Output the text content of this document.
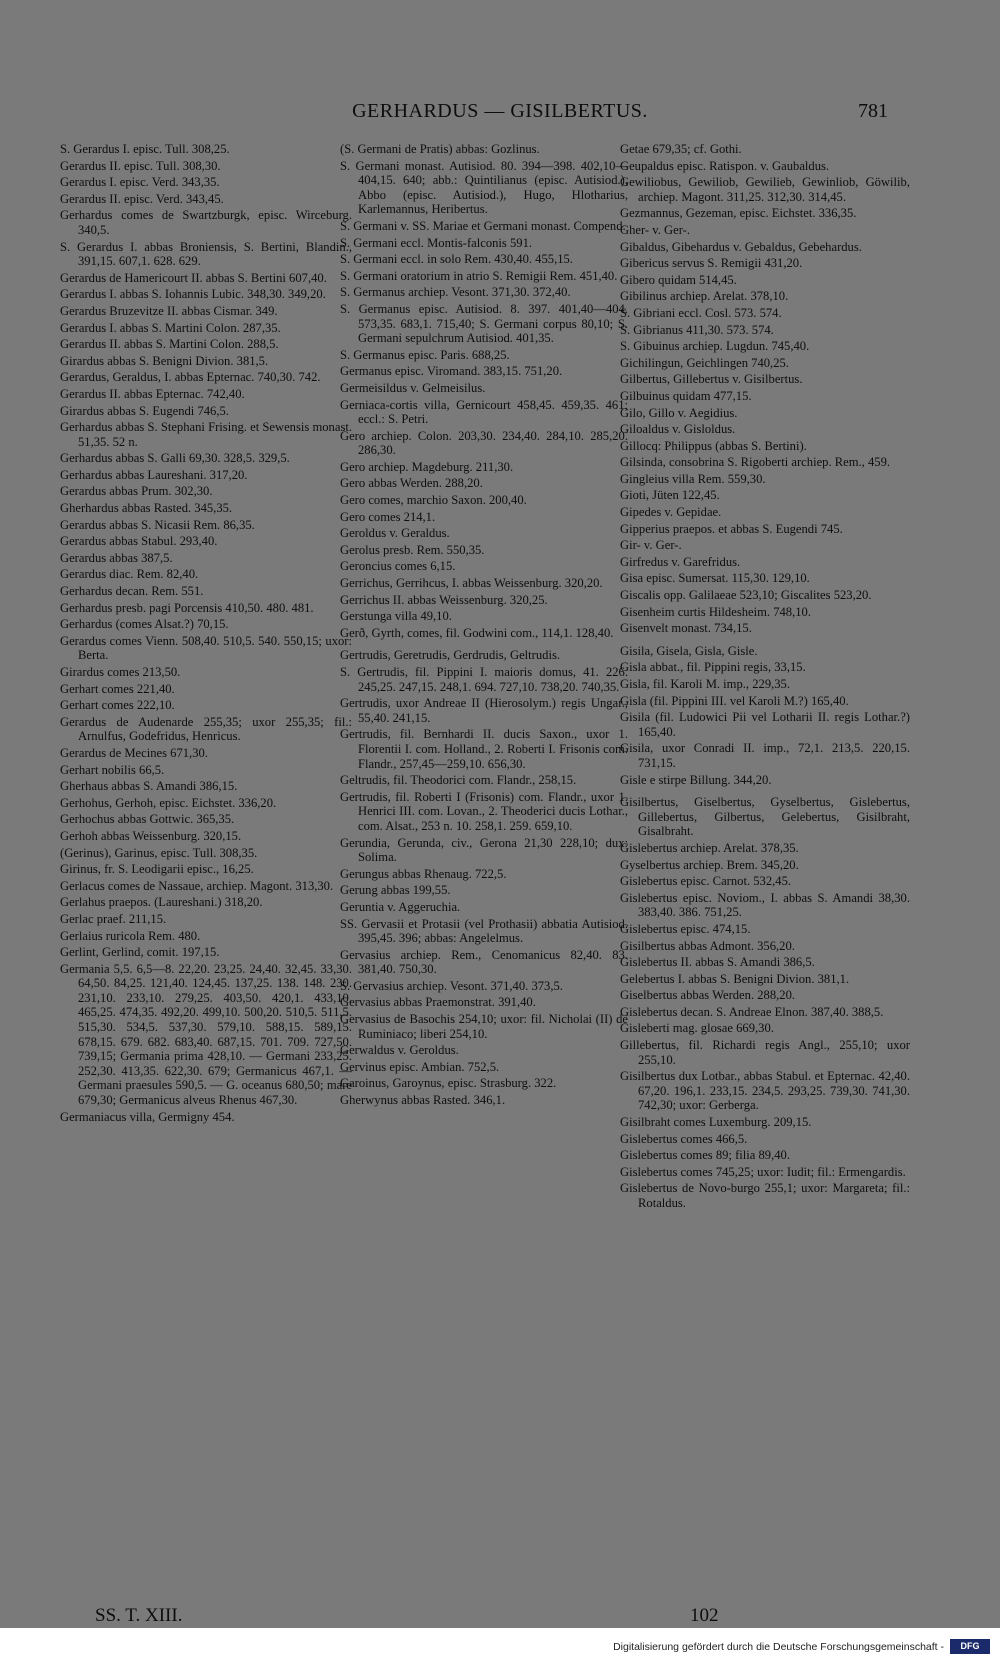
GERHARDUS — GISILBERTUS.	781
S. Gerardus I. episc. Tull. 308,25.
Gerardus II. episc. Tull. 308,30.
Gerardus I. episc. Verd. 343,35.
Gerardus II. episc. Verd. 343,45.
Gerhardus comes de Swartzburgk, episc. Wirceburg. 340,5.
S. Gerardus I. abbas Broniensis, S. Bertini, Blandin., 391,15. 607,1. 628. 629.
Gerardus de Hamericourt II. abbas S. Bertini 607,40.
Gerardus I. abbas S. Iohannis Lubic. 348,30. 349,20.
Gerardus Bruzevitze II. abbas Cismar. 349.
Gerardus I. abbas S. Martini Colon. 287,35.
Gerardus II. abbas S. Martini Colon. 288,5.
Girardus abbas S. Benigni Divion. 381,5.
Gerardus, Geraldus, I. abbas Epternac. 740,30. 742.
Gerardus II. abbas Epternac. 742,40.
Girardus abbas S. Eugendi 746,5.
Gerhardus abbas S. Stephani Frising. et Sewensis monast. 51,35. 52 n.
Gerhardus abbas S. Galli 69,30. 328,5. 329,5.
Gerhardus abbas Laureshani. 317,20.
Gerardus abbas Prum. 302,30.
Gherhardus abbas Rasted. 345,35.
Gerardus abbas S. Nicasii Rem. 86,35.
Gerardus abbas Stabul. 293,40.
Gerardus abbas 387,5.
Gerardus diac. Rem. 82,40.
Gerhardus decan. Rem. 551.
Gerhardus presb. pagi Porcensis 410,50. 480. 481.
Gerhardus (comes Alsat.?) 70,15.
Gerardus comes Vienn. 508,40. 510,5. 540. 550,15; uxor: Berta.
Girardus comes 213,50.
Gerhart comes 221,40.
Gerhart comes 222,10.
Gerardus de Audenarde 255,35; uxor 255,35; fil.: Arnulfus, Godefridus, Henricus.
Gerardus de Mecines 671,30.
Gerhart nobilis 66,5.
Gherhaus abbas S. Amandi 386,15.
Gerhohus, Gerhoh, episc. Eichstet. 336,20.
Gerhochus abbas Gottwic. 365,35.
Gerhoh abbas Weissenburg. 320,15.
(Gerinus), Garinus, episc. Tull. 308,35.
Girinus, fr. S. Leodigarii episc., 16,25.
Gerlacus comes de Nassaue, archiep. Magont. 313,30.
Gerlahus praepos. (Laureshani.) 318,20.
Gerlac praef. 211,15.
Gerlaius ruricola Rem. 480.
Gerlint, Gerlind, comit. 197,15.
Germania 5,5. 6,5—8. 22,20. 23,25. 24,40. 32,45. 33,30. 64,50. 84,25. 121,40. 124,45. 137,25. 138. 148. 230. 231,10. 233,10. 279,25. 403,50. 420,1. 433,10. 465,25. 474,35. 492,20. 499,10. 500,20. 510,5. 511,5. 515,30. 534,5. 537,30. 579,10. 588,15. 589,15. 678,15. 679. 682. 683,40. 687,15. 701. 709. 727,50. 739,15; Germania prima 428,10. — Germani 233,25. 252,30. 413,35. 622,30. 679; Germanicus 467,1. — Germani praesules 590,5. — G. oceanus 680,50; mare 679,30; Germanicus alveus Rhenus 467,30.
Germaniacus villa, Germigny 454.
(S. Germani de Pratis) abbas: Gozlinus.
S. Germani monast. Autisiod. 80. 394—398. 402,10—404,15. 640; abb.: Quintilianus (episc. Autisiod.), Abbo (episc. Autisiod.), Hugo, Hlotharius, Karlemannus, Heribertus.
S. Germani v. SS. Mariae et Germani monast. Compend.
S. Germani eccl. Montis-falconis 591.
S. Germani eccl. in solo Rem. 430,40. 455,15.
S. Germani oratorium in atrio S. Remigii Rem. 451,40.
S. Germanus archiep. Vesont. 371,30. 372,40.
S. Germanus episc. Autisiod. 8. 397. 401,40—404. 573,35. 683,1. 715,40; S. Germani corpus 80,10; S. Germani sepulchrum Autisiod. 401,35.
S. Germanus episc. Paris. 688,25.
Germanus episc. Viromand. 383,15. 751,20.
Germeisildus v. Gelmeisilus.
Gerniaca-cortis villa, Gernicourt 458,45. 459,35. 461; eccl.: S. Petri.
Gero archiep. Colon. 203,30. 234,40. 284,10. 285,20. 286,30.
Gero archiep. Magdeburg. 211,30.
Gero abbas Werden. 288,20.
Gero comes, marchio Saxon. 200,40.
Gero comes 214,1.
Geroldus v. Geraldus.
Gerolus presb. Rem. 550,35.
Geroncius comes 6,15.
Gerrichus, Gerrihcus, I. abbas Weissenburg. 320,20.
Gerrichus II. abbas Weissenburg. 320,25.
Gerstunga villa 49,10.
Gerð, Gyrth, comes, fil. Godwini com., 114,1. 128,40.
Gertrudis, Geretrudis, Gerdrudis, Geltrudis.
S. Gertrudis, fil. Pippini I. maioris domus, 41. 226. 245,25. 247,15. 248,1. 694. 727,10. 738,20. 740,35.
Gertrudis, uxor Andreae II (Hierosolym.) regis Ungar., 55,40. 241,15.
Gertrudis, fil. Bernhardi II. ducis Saxon., uxor 1. Florentii I. com. Holland., 2. Roberti I. Frisonis com. Flandr., 257,45—259,10. 656,30.
Geltrudis, fil. Theodorici com. Flandr., 258,15.
Gertrudis, fil. Roberti I (Frisonis) com. Flandr., uxor 1. Henrici III. com. Lovan., 2. Theoderici ducis Lothar., com. Alsat., 253 n. 10. 258,1. 259. 659,10.
Gerundia, Gerunda, civ., Gerona 21,30 228,10; dux: Solima.
Gerungus abbas Rhenaug. 722,5.
Gerung abbas 199,55.
Geruntia v. Aggeruchia.
SS. Gervasii et Protasii (vel Prothasii) abbatia Autisiod. 395,45. 396; abbas: Angelelmus.
Gervasius archiep. Rem., Cenomanicus 82,40. 83. 381,40. 750,30.
S. Gervasius archiep. Vesont. 371,40. 373,5.
Gervasius abbas Praemonstrat. 391,40.
Gervasius de Basochis 254,10; uxor: fil. Nicholai (II) de Ruminiaco; liberi 254,10.
Gerwaldus v. Geroldus.
Gervinus episc. Ambian. 752,5.
Garoinus, Garoynus, episc. Strasburg. 322.
Gherwynus abbas Rasted. 346,1.
Getae 679,35; cf. Gothi.
Geupaldus episc. Ratispon. v. Gaubaldus.
Gewiliobus, Gewiliob, Gewilieb, Gewinliob, Göwilib, archiep. Magont. 311,25. 312,30. 314,45.
Gezmannus, Gezeman, episc. Eichstet. 336,35.
Gher- v. Ger-.
Gibaldus, Gibehardus v. Gebaldus, Gebehardus.
Gibericus servus S. Remigii 431,20.
Gibero quidam 514,45.
Gibilinus archiep. Arelat. 378,10.
S. Gibriani eccl. Cosl. 573. 574.
S. Gibrianus 411,30. 573. 574.
S. Gibuinus archiep. Lugdun. 745,40.
Gichilingun, Geichlingen 740,25.
Gilbertus, Gillebertus v. Gisilbertus.
Gilbuinus quidam 477,15.
Gilo, Gillo v. Aegidius.
Giloaldus v. Gisloldus.
Gillocq: Philippus (abbas S. Bertini).
Gilsinda, consobrina S. Rigoberti archiep. Rem., 459.
Gingleius villa Rem. 559,30.
Gioti, Jüten 122,45.
Gipedes v. Gepidae.
Gipperius praepos. et abbas S. Eugendi 745.
Gir- v. Ger-.
Girfredus v. Garefridus.
Gisa episc. Sumersat. 115,30. 129,10.
Giscalis opp. Galilaeae 523,10; Giscalites 523,20.
Gisenheim curtis Hildesheim. 748,10.
Gisenvelt monast. 734,15.
Gisila, Gisela, Gisla, Gisle.
Gisla abbat., fil. Pippini regis, 33,15.
Gisla, fil. Karoli M. imp., 229,35.
Gisla (fil. Pippini III. vel Karoli M.?) 165,40.
Gisila (fil. Ludowici Pii vel Lotharii II. regis Lothar.?) 165,40.
Gisila, uxor Conradi II. imp., 72,1. 213,5. 220,15. 731,15.
Gisle e stirpe Billung. 344,20.
Gisilbertus, Giselbertus, Gyselbertus, Gislebertus, Gillebertus, Gilbertus, Gelebertus, Gisilbraht, Gisalbraht.
Gislebertus archiep. Arelat. 378,35.
Gyselbertus archiep. Brem. 345,20.
Gislebertus episc. Carnot. 532,45.
Gislebertus episc. Noviom., I. abbas S. Amandi 38,30. 383,40. 386. 751,25.
Gislebertus episc. 474,15.
Gisilbertus abbas Admont. 356,20.
Gislebertus II. abbas S. Amandi 386,5.
Gelebertus I. abbas S. Benigni Divion. 381,1.
Giselbertus abbas Werden. 288,20.
Gislebertus decan. S. Andreae Elnon. 387,40. 388,5.
Gisleberti mag. glosae 669,30.
Gillebertus, fil. Richardi regis Angl., 255,10; uxor 255,10.
Gisilbertus dux Lotbar., abbas Stabul. et Epternac. 42,40. 67,20. 196,1. 233,15. 234,5. 293,25. 739,30. 741,30. 742,30; uxor: Gerberga.
Gisilbraht comes Luxemburg. 209,15.
Gislebertus comes 466,5.
Gislebertus comes 89; filia 89,40.
Gislebertus comes 745,25; uxor: Iudit; fil.: Ermengardis.
Gislebertus de Novo-burgo 255,1; uxor: Margareta; fil.: Rotaldus.
SS. T. XIII.	102
Digitalisierung gefördert durch die Deutsche Forschungsgemeinschaft -	DFG
